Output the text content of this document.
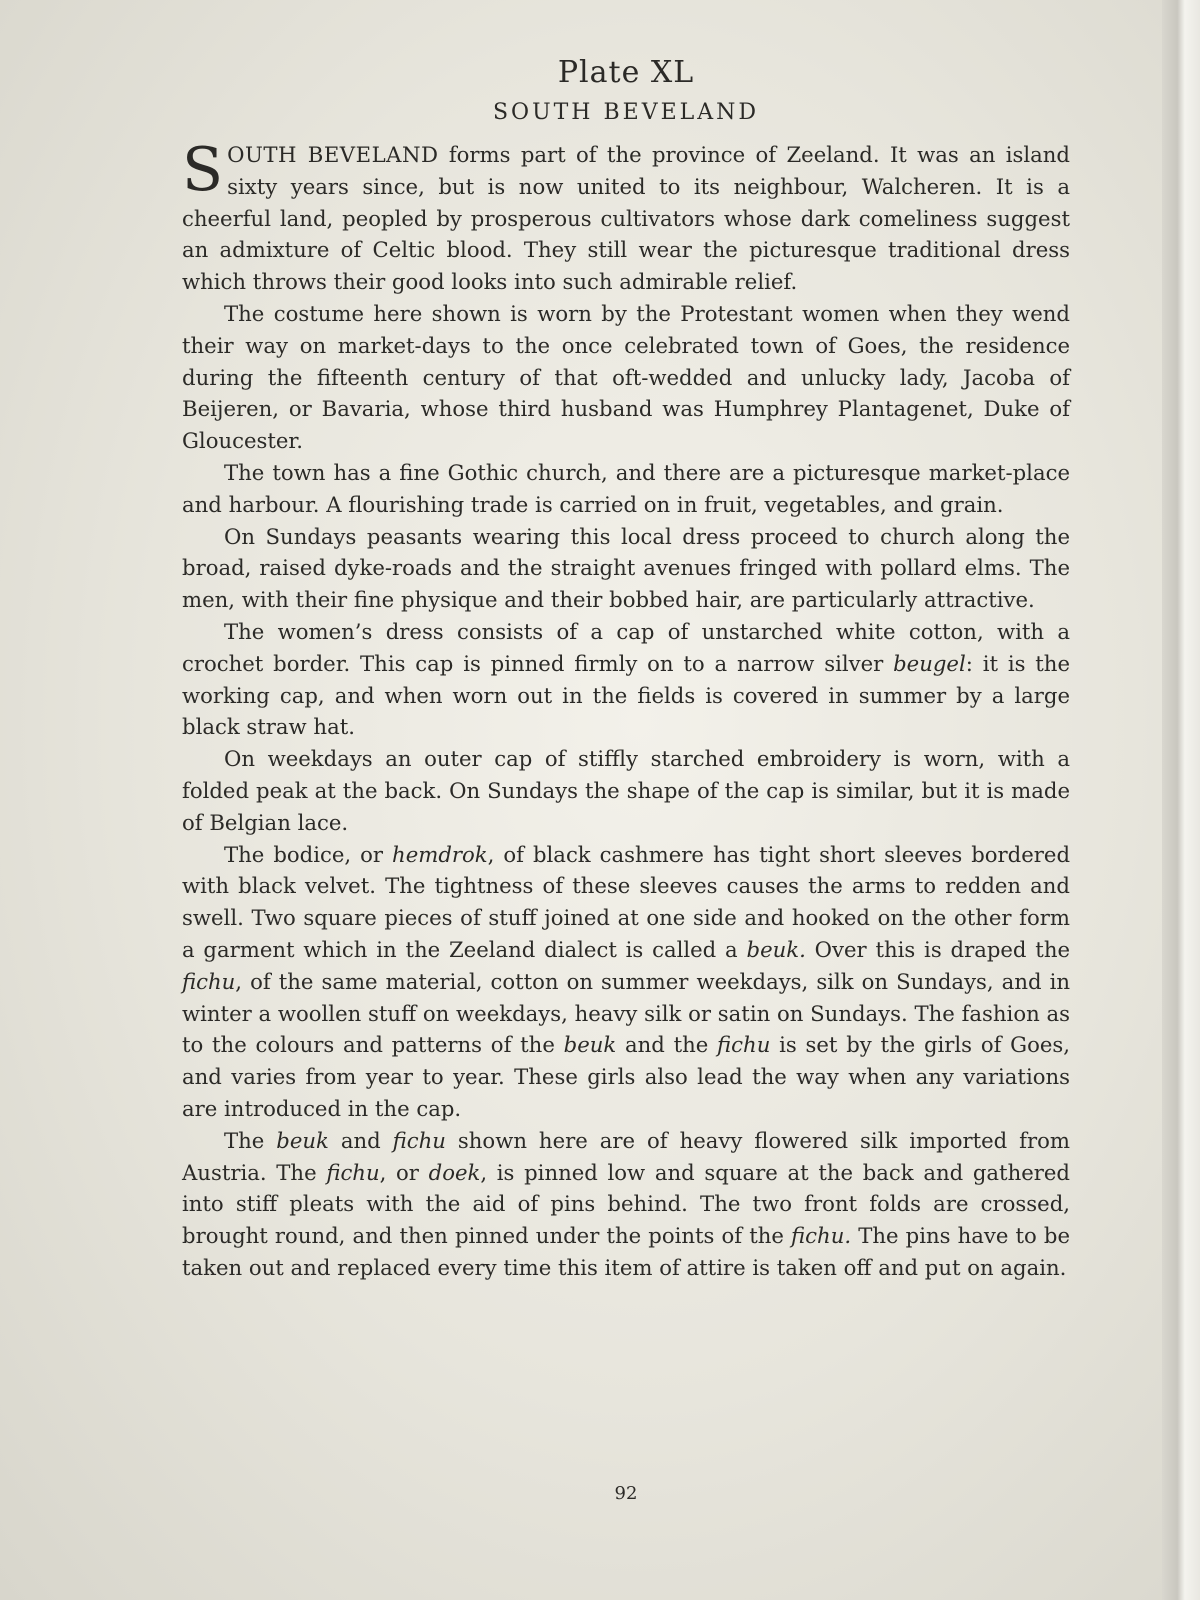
Plate XL
SOUTH BEVELAND

SOUTH BEVELAND forms part of the province of Zeeland. It was an island sixty years since, but is now united to its neighbour, Walcheren. It is a cheerful land, peopled by prosperous cultivators whose dark comeliness suggest an admixture of Celtic blood. They still wear the picturesque traditional dress which throws their good looks into such admirable relief.

The costume here shown is worn by the Protestant women when they wend their way on market-days to the once celebrated town of Goes, the residence during the fifteenth century of that oft-wedded and unlucky lady, Jacoba of Beijeren, or Bavaria, whose third husband was Humphrey Plantagenet, Duke of Gloucester.

The town has a fine Gothic church, and there are a picturesque market-place and harbour. A flourishing trade is carried on in fruit, vegetables, and grain.

On Sundays peasants wearing this local dress proceed to church along the broad, raised dyke-roads and the straight avenues fringed with pollard elms. The men, with their fine physique and their bobbed hair, are particularly attractive.

The women’s dress consists of a cap of unstarched white cotton, with a crochet border. This cap is pinned firmly on to a narrow silver beugel: it is the working cap, and when worn out in the fields is covered in summer by a large black straw hat.

On weekdays an outer cap of stiffly starched embroidery is worn, with a folded peak at the back. On Sundays the shape of the cap is similar, but it is made of Belgian lace.

The bodice, or hemdrok, of black cashmere has tight short sleeves bordered with black velvet. The tightness of these sleeves causes the arms to redden and swell. Two square pieces of stuff joined at one side and hooked on the other form a garment which in the Zeeland dialect is called a beuk. Over this is draped the fichu, of the same material, cotton on summer weekdays, silk on Sundays, and in winter a woollen stuff on weekdays, heavy silk or satin on Sundays. The fashion as to the colours and patterns of the beuk and the fichu is set by the girls of Goes, and varies from year to year. These girls also lead the way when any variations are introduced in the cap.

The beuk and fichu shown here are of heavy flowered silk imported from Austria. The fichu, or doek, is pinned low and square at the back and gathered into stiff pleats with the aid of pins behind. The two front folds are crossed, brought round, and then pinned under the points of the fichu. The pins have to be taken out and replaced every time this item of attire is taken off and put on again.

92
